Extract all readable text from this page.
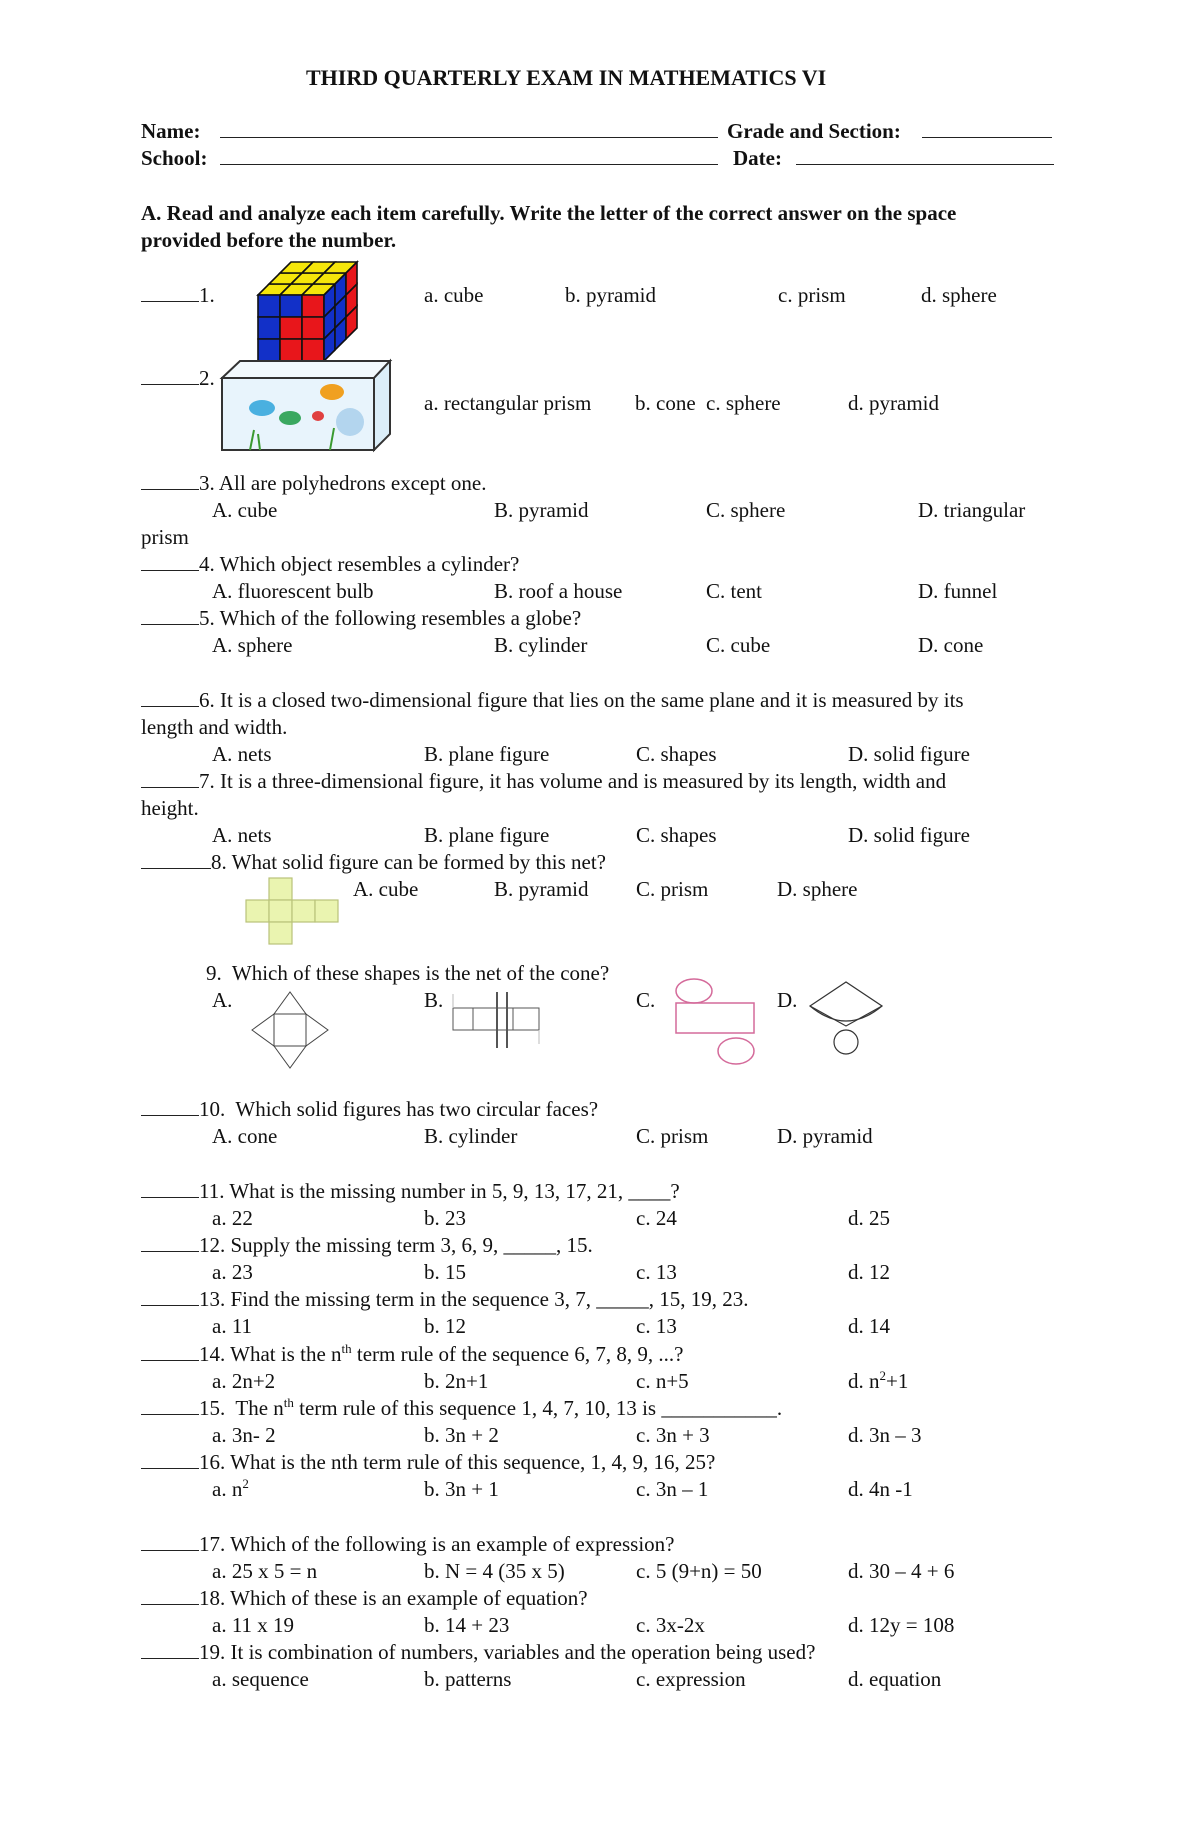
THIRD QUARTERLY EXAM IN MATHEMATICS VI
Name:	Grade and Section:
School:	Date:
A. Read and analyze each item carefully. Write the letter of the correct answer on the space
provided before the number.
1.	a. cube	b. pyramid	c. prism	d. sphere
2.
a. rectangular prism b. cone c. sphere	d. pyramid
3. All are polyhedrons except one.
A. cube	B. pyramid	C. sphere	D. triangular
prism
4. Which object resembles a cylinder?
A. fluorescent bulb	B. roof a house	C. tent	D. funnel
5. Which of the following resembles a globe?
A. sphere	B. cylinder	C. cube	D. cone
6. It is a closed two-dimensional figure that lies on the same plane and it is measured by its
length and width.
A. nets	B. plane figure	C. shapes	D. solid figure
7. It is a three-dimensional figure, it has volume and is measured by its length, width and
height.
A. nets	B. plane figure	C. shapes	D. solid figure
8. What solid figure can be formed by this net?
A. cube	B. pyramid C. prism	D. sphere
9. Which of these shapes is the net of the cone?
A.	B.	C.	D.
10. Which solid figures has two circular faces?
A. cone	B. cylinder	C. prism	D. pyramid
11. What is the missing number in 5, 9, 13, 17, 21, ____?
a. 22	b. 23	c. 24	d. 25
12. Supply the missing term 3, 6, 9, _____, 15.
a. 23	b. 15	c. 13	d. 12
13. Find the missing term in the sequence 3, 7, _____, 15, 19, 23.
a. 11	b. 12	c. 13	d. 14
14. What is the $n^{th}$ term rule of the sequence 6, 7, 8, 9, ...?
a. 2n+2	b. 2n+1	c. n+5	d. $n^2+1$
15. The $n^{th}$ term rule of this sequence 1, 4, 7, 10, 13 is ___________.
a. 3n- 2	b. 3n + 2	c. 3n + 3	d. 3n – 3
16. What is the nth term rule of this sequence, 1, 4, 9, 16, 25?
a. $n^2$	b. 3n + 1	c. 3n – 1	d. 4n -1
17. Which of the following is an example of expression?
a. 25 x 5 = n	b. N = 4 (35 x 5)	c. 5 (9+n) = 50	d. 30 – 4 + 6
18. Which of these is an example of equation?
a. 11 x 19	b. 14 + 23	c. 3x-2x	d. 12y = 108
19. It is combination of numbers, variables and the operation being used?
a. sequence	b. patterns	c. expression	d. equation
